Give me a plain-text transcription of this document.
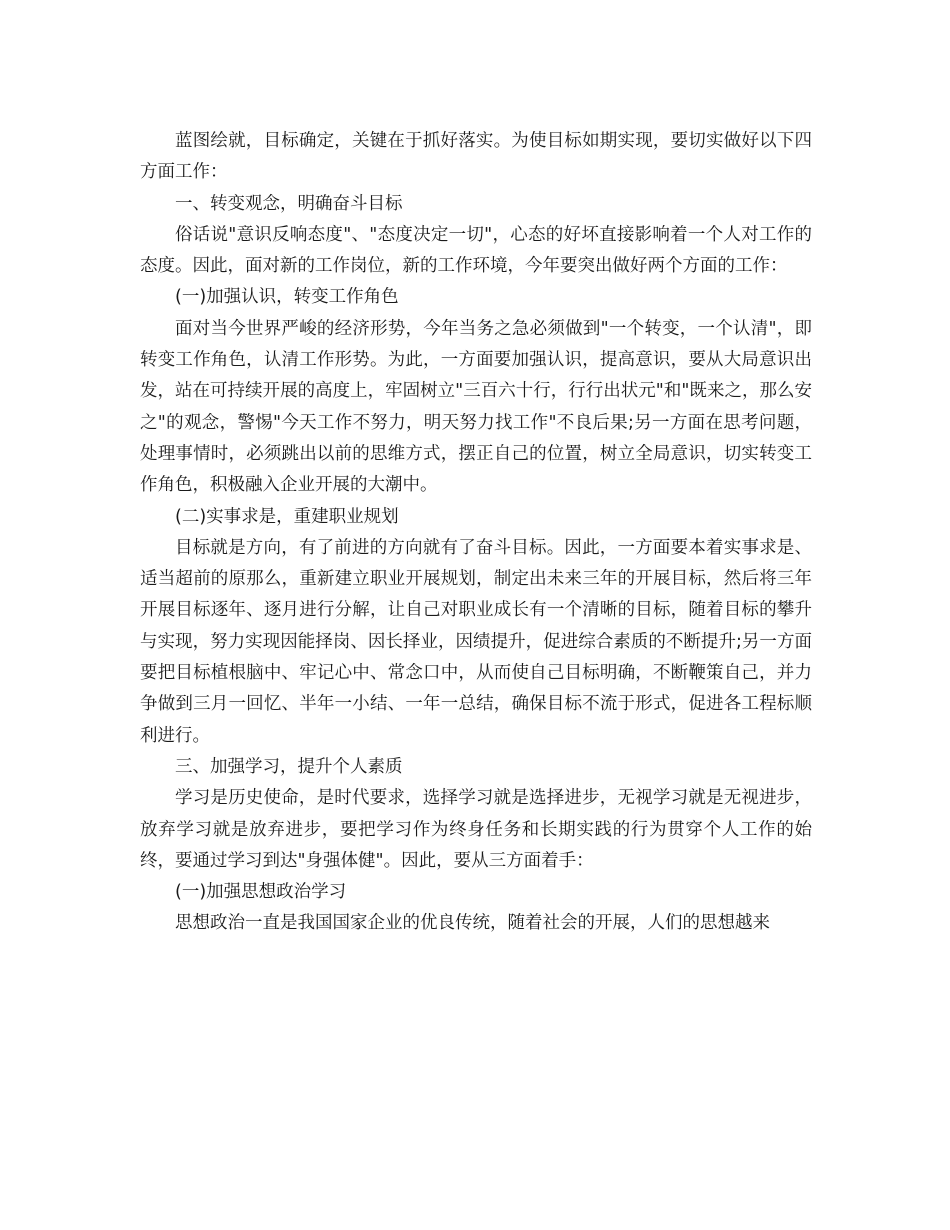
蓝图绘就，目标确定，关键在于抓好落实。为使目标如期实现，要切实做好以下四方面工作：

一、转变观念，明确奋斗目标

俗话说"意识反响态度"、"态度决定一切"，心态的好坏直接影响着一个人对工作的态度。因此，面对新的工作岗位，新的工作环境，今年要突出做好两个方面的工作：

(一)加强认识，转变工作角色

面对当今世界严峻的经济形势，今年当务之急必须做到"一个转变，一个认清"，即转变工作角色，认清工作形势。为此，一方面要加强认识，提高意识，要从大局意识出发，站在可持续开展的高度上，牢固树立"三百六十行，行行出状元"和"既来之，那么安之"的观念，警惕"今天工作不努力，明天努力找工作"不良后果;另一方面在思考问题，处理事情时，必须跳出以前的思维方式，摆正自己的位置，树立全局意识，切实转变工作角色，积极融入企业开展的大潮中。

(二)实事求是，重建职业规划

目标就是方向，有了前进的方向就有了奋斗目标。因此，一方面要本着实事求是、适当超前的原那么，重新建立职业开展规划，制定出未来三年的开展目标，然后将三年开展目标逐年、逐月进行分解，让自己对职业成长有一个清晰的目标，随着目标的攀升与实现，努力实现因能择岗、因长择业，因绩提升，促进综合素质的不断提升;另一方面要把目标植根脑中、牢记心中、常念口中，从而使自己目标明确，不断鞭策自己，并力争做到三月一回忆、半年一小结、一年一总结，确保目标不流于形式，促进各工程标顺利进行。

三、加强学习，提升个人素质

学习是历史使命，是时代要求，选择学习就是选择进步，无视学习就是无视进步，放弃学习就是放弃进步，要把学习作为终身任务和长期实践的行为贯穿个人工作的始终，要通过学习到达"身强体健"。因此，要从三方面着手：

(一)加强思想政治学习

思想政治一直是我国国家企业的优良传统，随着社会的开展，人们的思想越来
